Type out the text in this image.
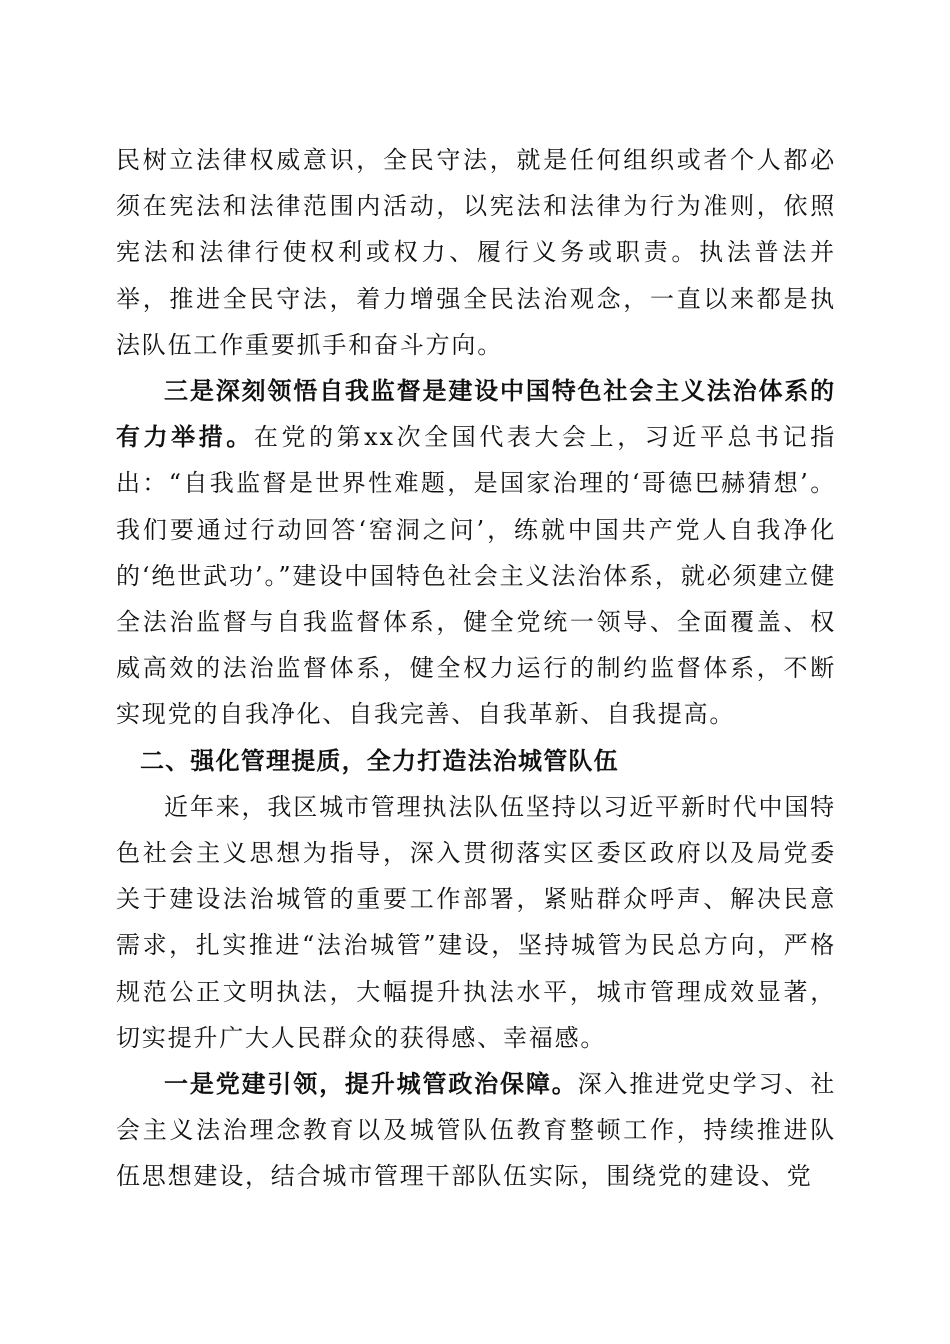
民树立法律权威意识，全民守法，就是任何组织或者个人都必须在宪法和法律范围内活动，以宪法和法律为行为准则，依照宪法和法律行使权利或权力、履行义务或职责。执法普法并举，推进全民守法，着力增强全民法治观念，一直以来都是执法队伍工作重要抓手和奋斗方向。

三是深刻领悟自我监督是建设中国特色社会主义法治体系的有力举措。在党的第xx次全国代表大会上，习近平总书记指出：“自我监督是世界性难题，是国家治理的‘哥德巴赫猜想’。我们要通过行动回答‘窑洞之问’，练就中国共产党人自我净化的‘绝世武功’。”建设中国特色社会主义法治体系，就必须建立健全法治监督与自我监督体系，健全党统一领导、全面覆盖、权威高效的法治监督体系，健全权力运行的制约监督体系，不断实现党的自我净化、自我完善、自我革新、自我提高。

二、强化管理提质，全力打造法治城管队伍

近年来，我区城市管理执法队伍坚持以习近平新时代中国特色社会主义思想为指导，深入贯彻落实区委区政府以及局党委关于建设法治城管的重要工作部署，紧贴群众呼声、解决民意需求，扎实推进“法治城管”建设，坚持城管为民总方向，严格规范公正文明执法，大幅提升执法水平，城市管理成效显著，切实提升广大人民群众的获得感、幸福感。

一是党建引领，提升城管政治保障。深入推进党史学习、社会主义法治理念教育以及城管队伍教育整顿工作，持续推进队伍思想建设，结合城市管理干部队伍实际，围绕党的建设、党
